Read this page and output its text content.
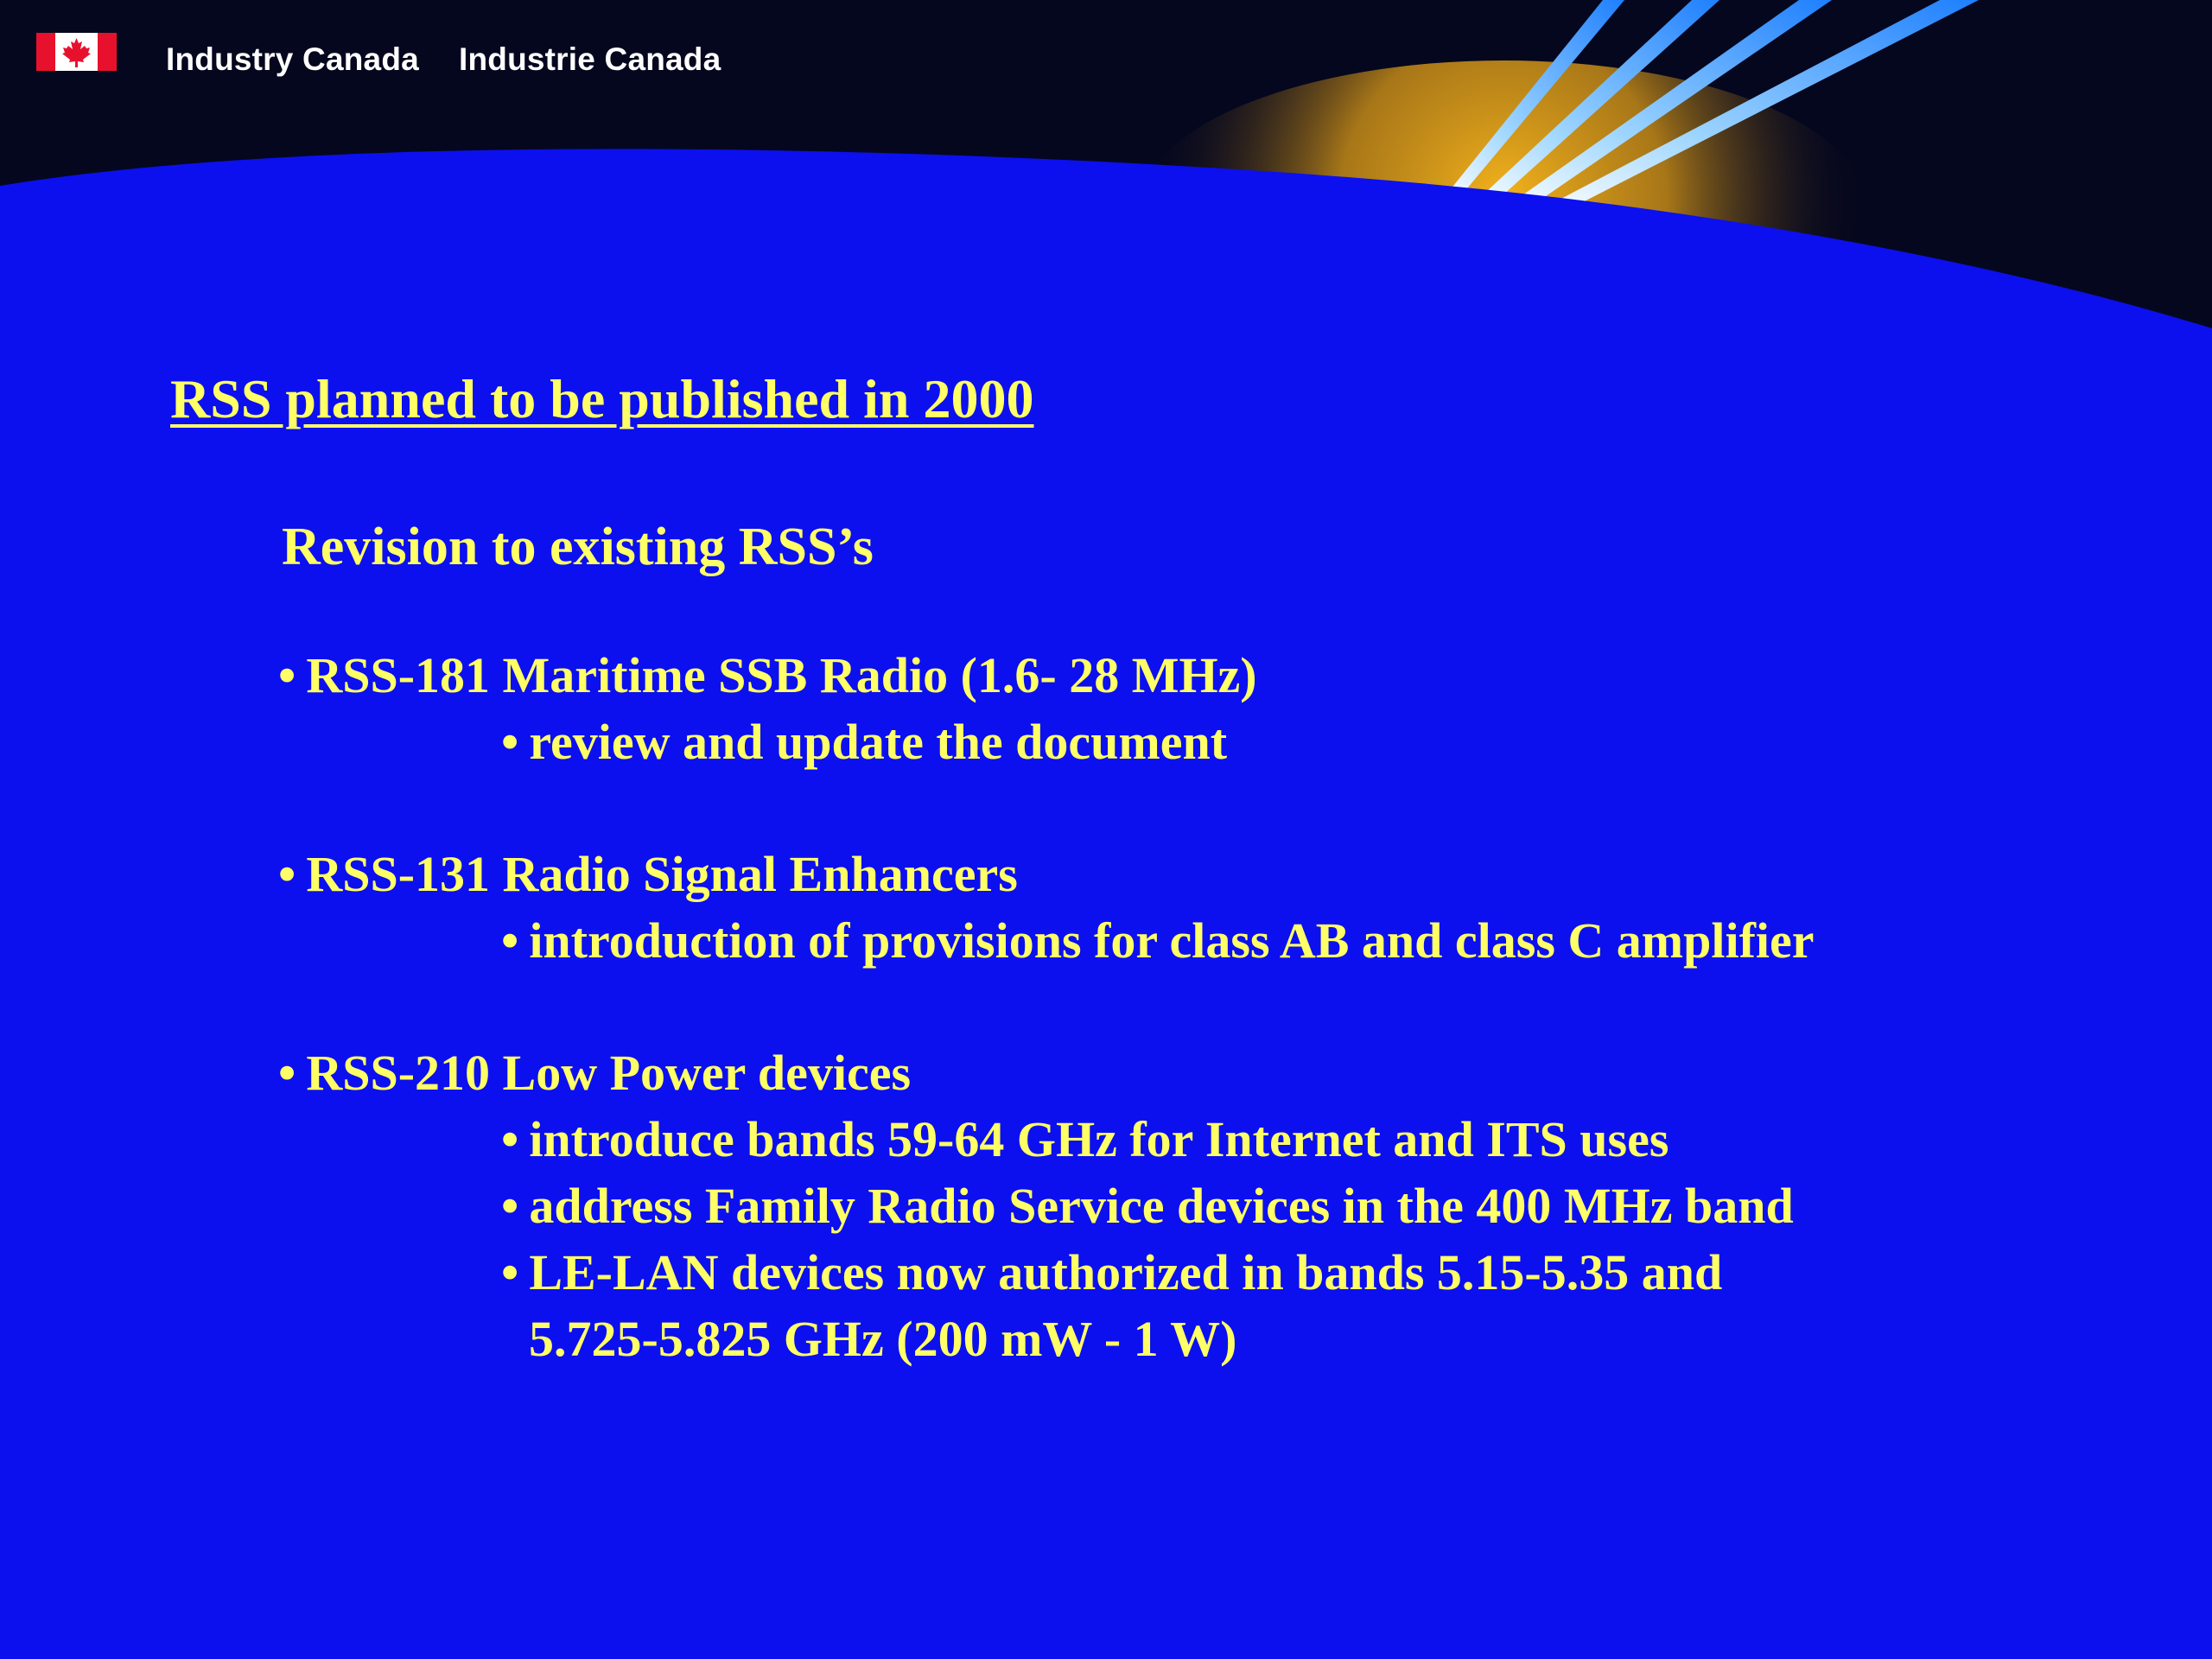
Industry Canada Industrie Canada
RSS planned to be published in 2000
Revision to existing RSS’s
• RSS-181 Maritime SSB Radio (1.6- 28 MHz)
• review and update the document
• RSS-131 Radio Signal Enhancers
• introduction of provisions for class AB and class C amplifier
• RSS-210 Low Power devices
• introduce bands 59-64 GHz for Internet and ITS uses
• address Family Radio Service devices in the 400 MHz band
• LE-LAN devices now authorized in bands 5.15-5.35 and
5.725-5.825 GHz (200 mW - 1 W)
